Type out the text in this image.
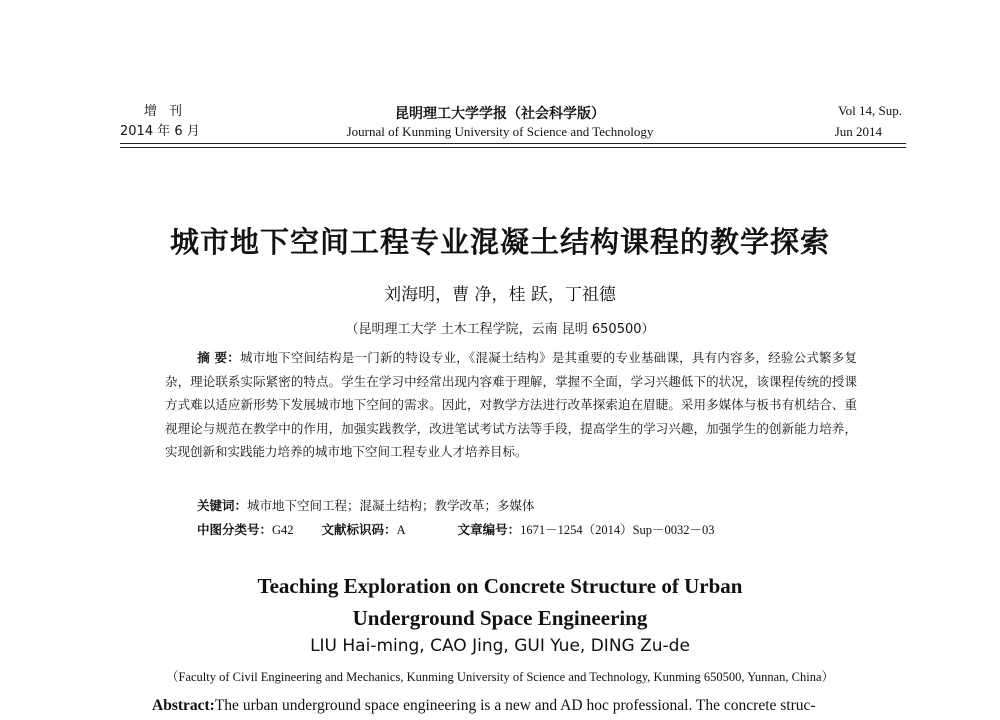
增 刊
2014 年 6 月
昆明理工大学学报（社会科学版）
Journal of Kunming University of Science and Technology
Vol 14, Sup.
Jun 2014
城市地下空间工程专业混凝土结构课程的教学探索
刘海明，曹 净，桂 跃，丁祖德
（昆明理工大学 土木工程学院，云南 昆明 650500）
摘 要：城市地下空间结构是一门新的特设专业，《混凝土结构》是其重要的专业基础课，具有内容多，经验公式繁多复杂，理论联系实际紧密的特点。学生在学习中经常出现内容难于理解，掌握不全面，学习兴趣低下的状况，该课程传统的授课方式难以适应新形势下发展城市地下空间的需求。因此，对教学方法进行改革探索迫在眉睫。采用多媒体与板书有机结合、重视理论与规范在教学中的作用，加强实践教学，改进笔试考试方法等手段，提高学生的学习兴趣，加强学生的创新能力培养，实现创新和实践能力培养的城市地下空间工程专业人才培养目标。
关键词：城市地下空间工程；混凝土结构；教学改革；多媒体
中图分类号：G42 文献标识码：A	文章编号：1671－1254（2014）Sup－0032－03
Teaching Exploration on Concrete Structure of Urban
Underground Space Engineering
LIU Hai-ming, CAO Jing, GUI Yue, DING Zu-de
（Faculty of Civil Engineering and Mechanics, Kunming University of Science and Technology, Kunming 650500, Yunnan, China）
Abstract:The urban underground space engineering is a new and AD hoc professional. The concrete struc-
